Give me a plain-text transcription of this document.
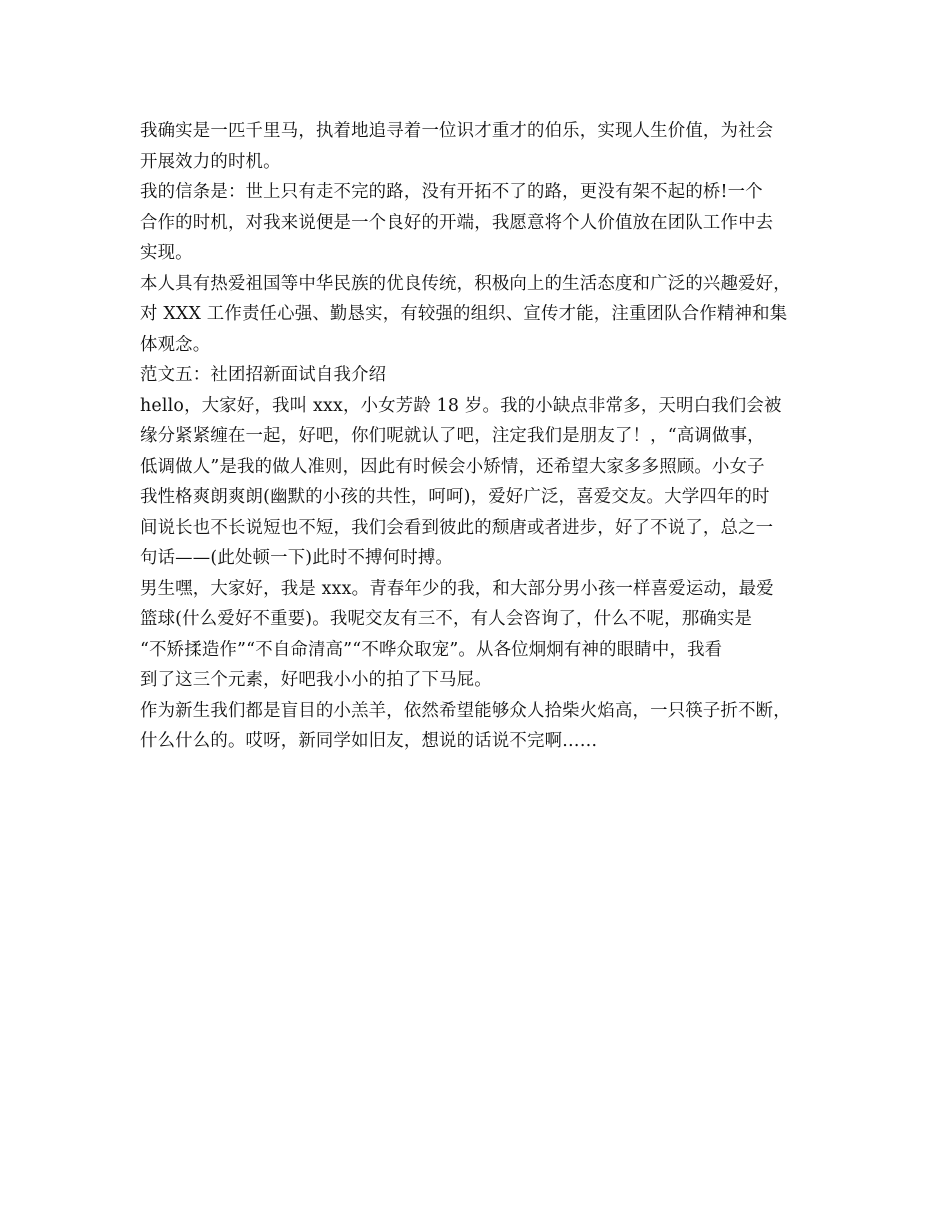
我确实是一匹千里马，执着地追寻着一位识才重才的伯乐，实现人生价值，为社会
开展效力的时机。
我的信条是：世上只有走不完的路，没有开拓不了的路，更没有架不起的桥!一个
合作的时机，对我来说便是一个良好的开端，我愿意将个人价值放在团队工作中去
实现。
本人具有热爱祖国等中华民族的优良传统，积极向上的生活态度和广泛的兴趣爱好，
对 XXX 工作责任心强、勤恳实，有较强的组织、宣传才能，注重团队合作精神和集
体观念。
范文五：社团招新面试自我介绍
hello，大家好，我叫 xxx，小女芳龄 18 岁。我的小缺点非常多，天明白我们会被
缘分紧紧缠在一起，好吧，你们呢就认了吧，注定我们是朋友了！，“高调做事，
低调做人”是我的做人准则，因此有时候会小矫情，还希望大家多多照顾。小女子
我性格爽朗爽朗(幽默的小孩的共性，呵呵)，爱好广泛，喜爱交友。大学四年的时
间说长也不长说短也不短，我们会看到彼此的颓唐或者进步，好了不说了，总之一
句话——(此处顿一下)此时不搏何时搏。
男生嘿，大家好，我是 xxx。青春年少的我，和大部分男小孩一样喜爱运动，最爱
篮球(什么爱好不重要)。我呢交友有三不，有人会咨询了，什么不呢，那确实是
“不矫揉造作”“不自命清高”“不哗众取宠”。从各位炯炯有神的眼睛中，我看
到了这三个元素，好吧我小小的拍了下马屁。
作为新生我们都是盲目的小羔羊，依然希望能够众人拾柴火焰高，一只筷子折不断，
什么什么的。哎呀，新同学如旧友，想说的话说不完啊……
